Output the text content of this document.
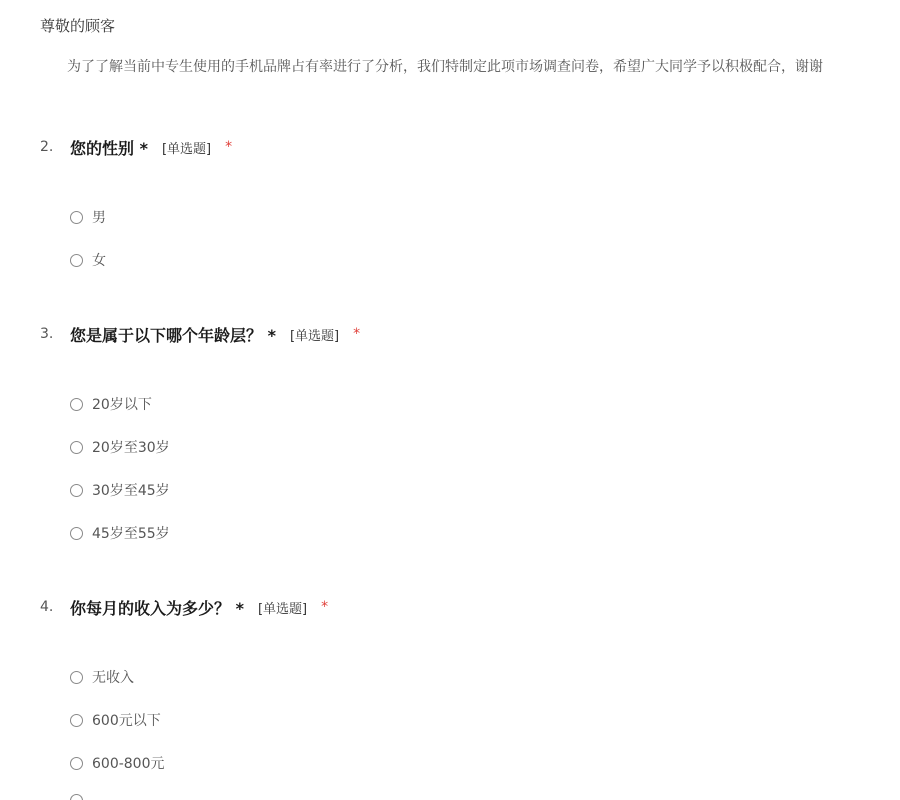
尊敬的顾客
为了了解当前中专生使用的手机品牌占有率进行了分析，我们特制定此项市场调查问卷，希望广大同学予以积极配合，谢谢
2.	您的性别 * [单选题] *
男
女
3.	您是属于以下哪个年龄层？ * [单选题] *
20岁以下
20岁至30岁
30岁至45岁
45岁至55岁
4.	你每月的收入为多少？ * [单选题] *
无收入
600元以下
600-800元
